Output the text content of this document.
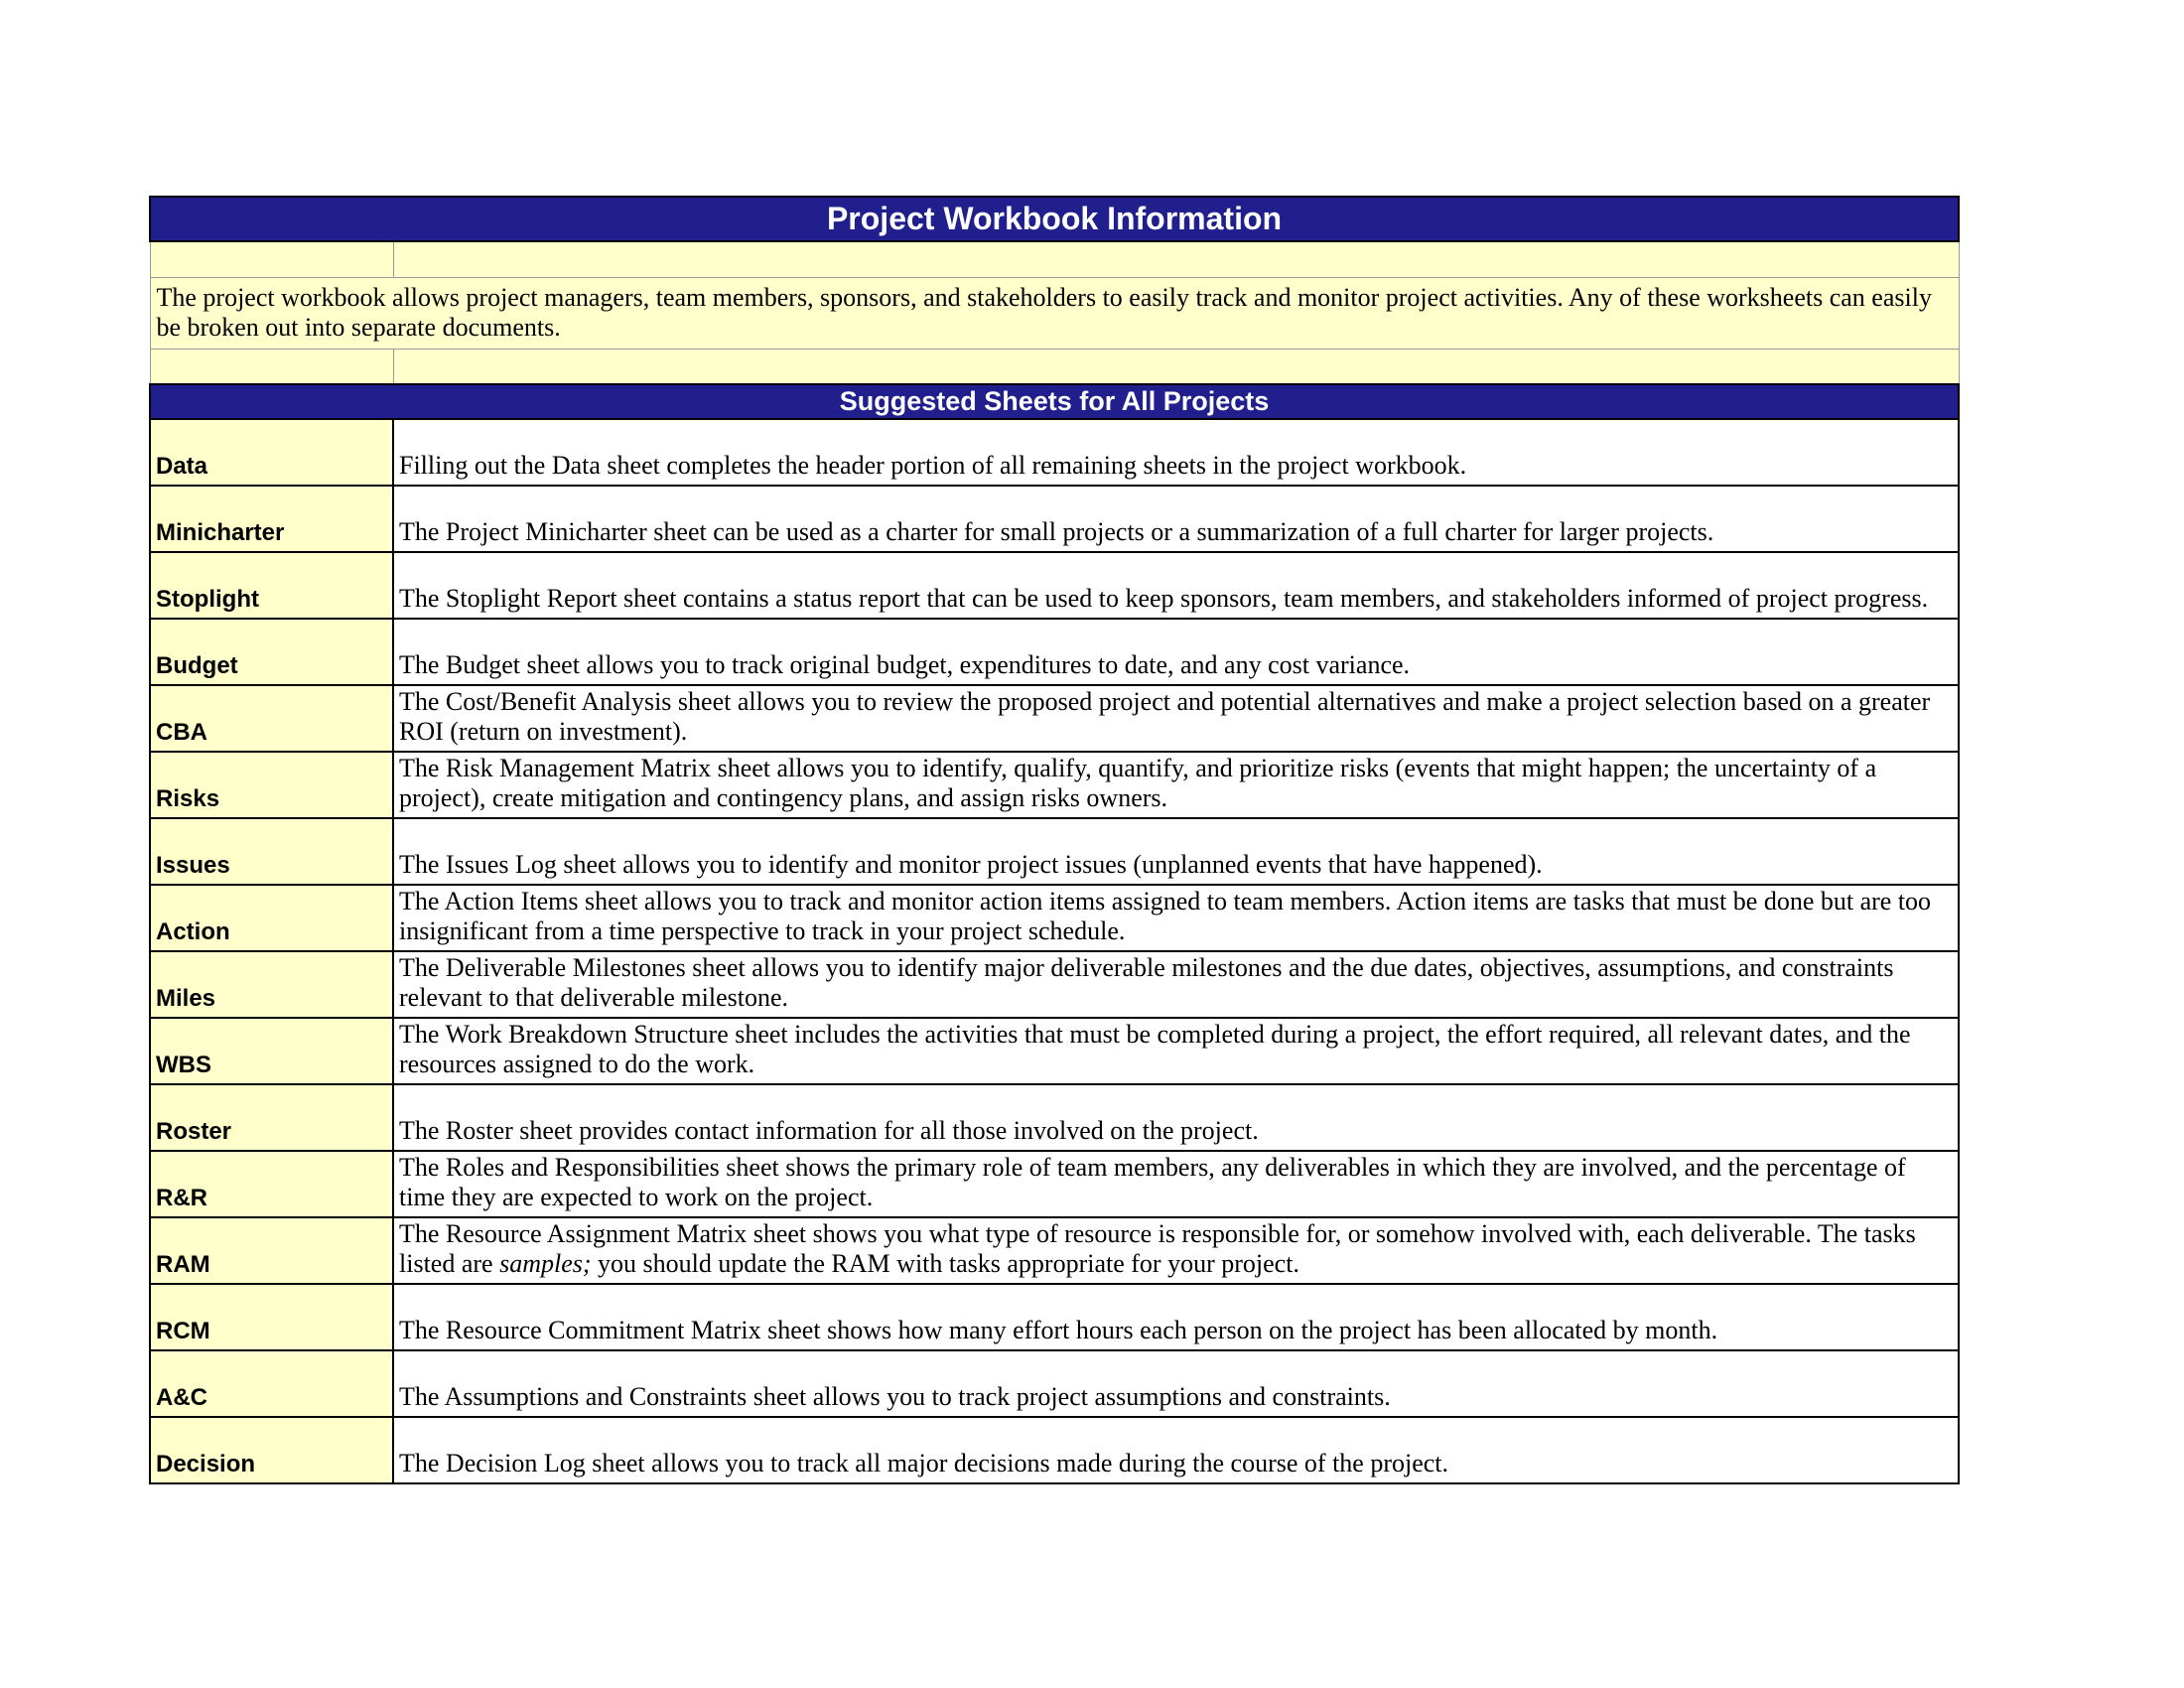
Project Workbook Information	

The project workbook allows project managers, team members, sponsors, and stakeholders to easily track and monitor project activities. Any of these worksheets can easily be broken out into separate documents.	

Suggested Sheets for All Projects	
Data	Filling out the Data sheet completes the header portion of all remaining sheets in the project workbook.
Minicharter	The Project Minicharter sheet can be used as a charter for small projects or a summarization of a full charter for larger projects.
Stoplight	The Stoplight Report sheet contains a status report that can be used to keep sponsors, team members, and stakeholders informed of project progress.
Budget	The Budget sheet allows you to track original budget, expenditures to date, and any cost variance.
CBA	The Cost/Benefit Analysis sheet allows you to review the proposed project and potential alternatives and make a project selection based on a greater ROI (return on investment).
Risks	The Risk Management Matrix sheet allows you to identify, qualify, quantify, and prioritize risks (events that might happen; the uncertainty of a project), create mitigation and contingency plans, and assign risks owners.
Issues	The Issues Log sheet allows you to identify and monitor project issues (unplanned events that have happened).
Action	The Action Items sheet allows you to track and monitor action items assigned to team members. Action items are tasks that must be done but are too insignificant from a time perspective to track in your project schedule.
Miles	The Deliverable Milestones sheet allows you to identify major deliverable milestones and the due dates, objectives, assumptions, and constraints relevant to that deliverable milestone.
WBS	The Work Breakdown Structure sheet includes the activities that must be completed during a project, the effort required, all relevant dates, and the resources assigned to do the work.
Roster	The Roster sheet provides contact information for all those involved on the project.
R&R	The Roles and Responsibilities sheet shows the primary role of team members, any deliverables in which they are involved, and the percentage of time they are expected to work on the project.
RAM	The Resource Assignment Matrix sheet shows you what type of resource is responsible for, or somehow involved with, each deliverable. The tasks listed are samples; you should update the RAM with tasks appropriate for your project.
RCM	The Resource Commitment Matrix sheet shows how many effort hours each person on the project has been allocated by month.
A&C	The Assumptions and Constraints sheet allows you to track project assumptions and constraints.
Decision	The Decision Log sheet allows you to track all major decisions made during the course of the project.
